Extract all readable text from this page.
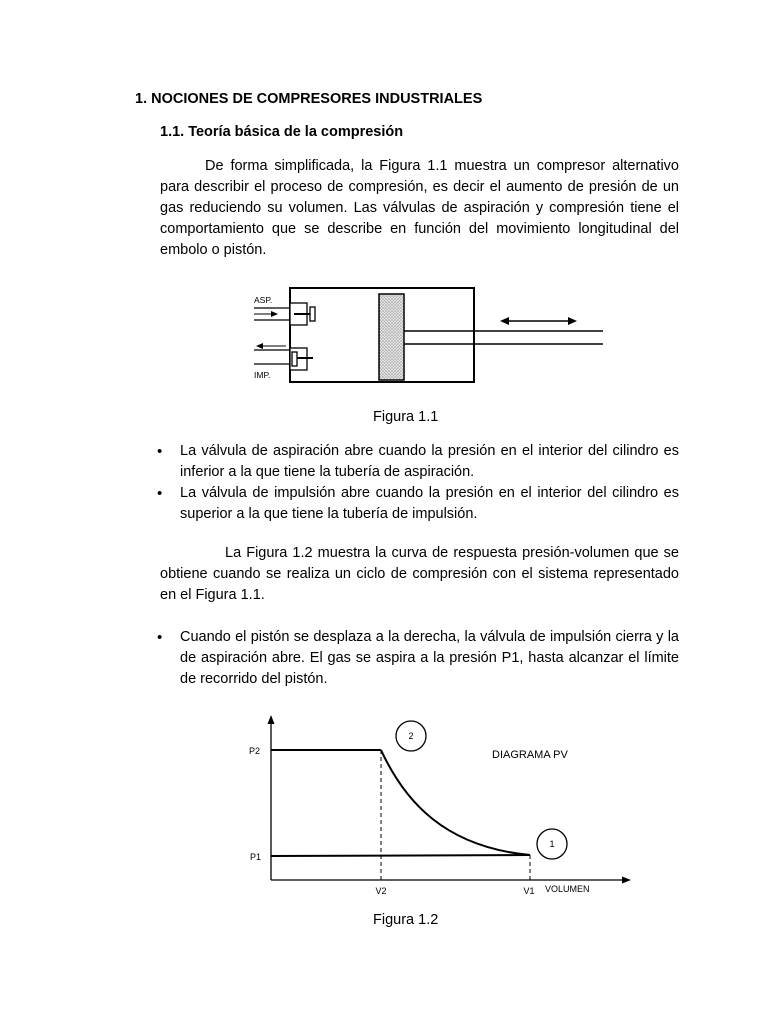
1. NOCIONES DE COMPRESORES INDUSTRIALES

1.1. Teoría básica de la compresión

De forma simplificada, la Figura 1.1 muestra un compresor alternativo para describir el proceso de compresión, es decir el aumento de presión de un gas reduciendo su volumen. Las válvulas de aspiración y compresión tiene el comportamiento que se describe en función del movimiento longitudinal del embolo o pistón.

ASP.
IMP.

Figura 1.1

• La válvula de aspiración abre cuando la presión en el interior del cilindro es inferior a la que tiene la tubería de aspiración.
• La válvula de impulsión abre cuando la presión en el interior del cilindro es superior a la que tiene la tubería de impulsión.

La Figura 1.2 muestra la curva de respuesta presión-volumen que se obtiene cuando se realiza un ciclo de compresión con el sistema representado en el Figura 1.1.

• Cuando el pistón se desplaza a la derecha, la válvula de impulsión cierra y la de aspiración abre. El gas se aspira a la presión P1, hasta alcanzar el límite de recorrido del pistón.
2
1
DIAGRAMA PV
P2
P1
V2	V1 VOLUMEN

Figura 1.2
